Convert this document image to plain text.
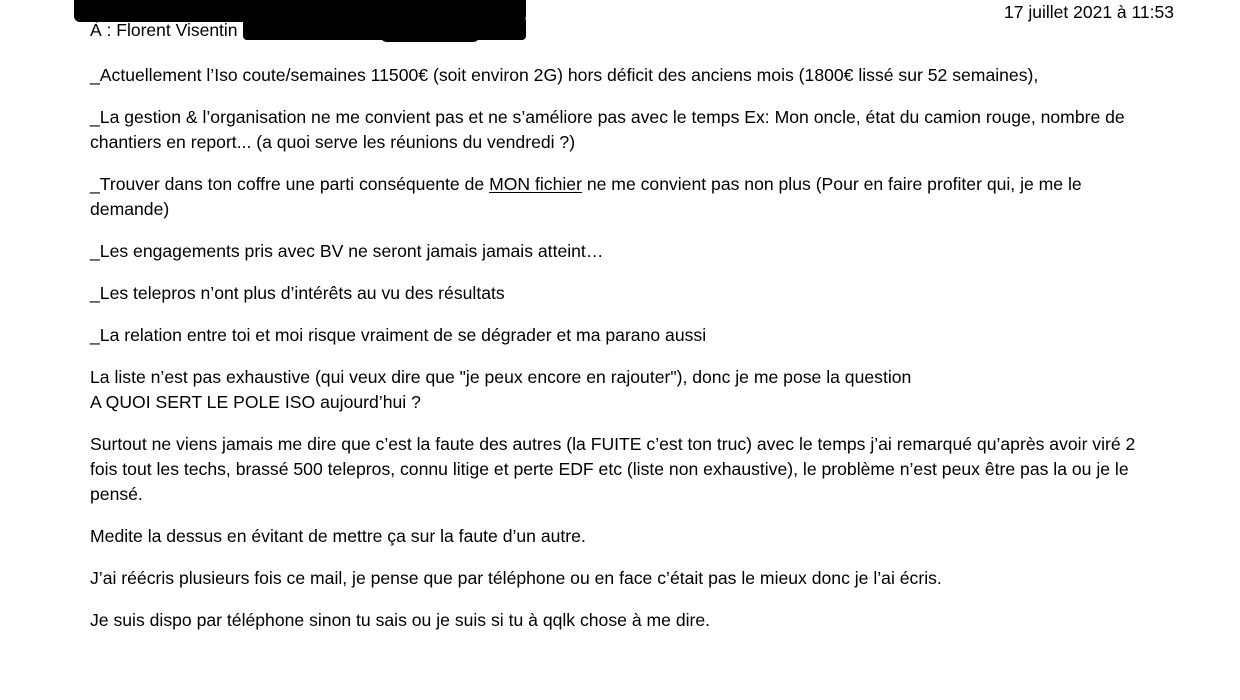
À : Florent Visentin
17 juillet 2021 à 11:53

_Actuellement l’Iso coute/semaines 11500€ (soit environ 2G) hors déficit des anciens mois (1800€ lissé sur 52 semaines),

_La gestion & l’organisation ne me convient pas et ne s’améliore pas avec le temps Ex: Mon oncle, état du camion rouge, nombre de chantiers en report... (a quoi serve les réunions du vendredi ?)

_Trouver dans ton coffre une parti conséquente de MON fichier ne me convient pas non plus (Pour en faire profiter qui, je me le demande)

_Les engagements pris avec BV ne seront jamais jamais atteint…

_Les telepros n’ont plus d’intérêts au vu des résultats

_La relation entre toi et moi risque vraiment de se dégrader et ma parano aussi

La liste n’est pas exhaustive (qui veux dire que "je peux encore en rajouter"), donc je me pose la question

A QUOI SERT LE POLE ISO aujourd’hui ?

Surtout ne viens jamais me dire que c’est la faute des autres (la FUITE c’est ton truc) avec le temps j’ai remarqué qu’après avoir viré 2 fois tout les techs, brassé 500 telepros, connu litige et perte EDF etc (liste non exhaustive), le problème n’est peux être pas la ou je le pensé.

Medite la dessus en évitant de mettre ça sur la faute d’un autre.

J’ai réécris plusieurs fois ce mail, je pense que par téléphone ou en face c’était pas le mieux donc je l’ai écris.

Je suis dispo par téléphone sinon tu sais ou je suis si tu à qqlk chose à me dire.
